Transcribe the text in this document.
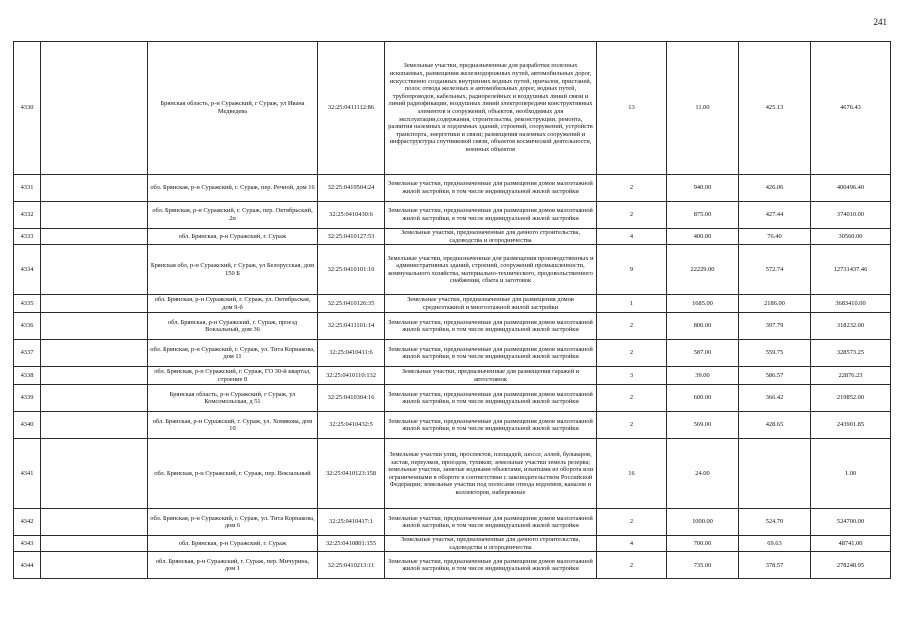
241
4330		Брянская область, р-н Суражский, г Сураж, ул Ивана Медведева	32:25:0411112:86	Земельные участки, предназначенные для разработки полезных ископаемых, размещения железнодорожных путей, автомобильных дорог, искусственно созданных внутренних водных путей, причалов, пристаней, полос отвода железных и автомобильных дорог, водных путей, трубопроводов, кабельных, радиорелейных и воздушных линий связи и линий радиофикации, воздушных линий электропередачи конструктивных элементов и сооружений, объектов, необходимых для эксплуатации,содержания, строительства, реконструкции, ремонта, развития наземных и подземных зданий, строений, сооружений, устройств транспорта, энергетики и связи; размещения наземных сооружений и инфраструктуры спутниковой связи, объектов космической деятельности, военных объектов	13	11.00	425.13	4676.43
4331		обл. Брянская, р-н Суражский, г. Сураж, пер. Речной, дом 16	32:25:0410504:24	Земельные участки, предназначенные для размещения домов малоэтажной жилой застройки, в том числе индивидуальной жилой застройки	2	940.00	426.06	400496.40
4332		обл. Брянская, р-н Суражский, г. Сураж, пер. Октябрьский, 2п	32:25:0410430:6	Земельные участки, предназначенные для размещения домов малоэтажной жилой застройки, в том числе индивидуальной жилой застройки	2	875.00	427.44	374010.00
4333		обл. Брянская, р-н Суражский, г. Сураж	32:25:0410127:53	Земельные участки, предназначенные для дачного строительства, садоводства и огородничества	4	400.00	76.40	30560.00
4334		Брянская обл, р-н Суражский, г Сураж, ул Белорусская, дом 150 Б	32:25:0410101:10	Земельные участки, предназначенные для размещения производственных и административных зданий, строений, сооружений промышленности, коммунального хозяйства, материально-технического, продовольственного снабжения, сбыта и заготовок	9	22229.00	572.74	12731437.46
4335		обл. Брянская, р-н Суражский, г. Сураж, ул. Октябрьская, дом 9-б	32:25:0410126:35	Земельные участки, предназначенные для размещения домов среднеэтажной и многоэтажной жилой застройки	1	1685.00	2186.00	3683410.00
4336		обл. Брянская, р-н Суражский, г. Сураж, проезд Вокзальный, дом 36	32:25:0411101:14	Земельные участки, предназначенные для размещения домов малоэтажной жилой застройки, в том числе индивидуальной жилой застройки	2	800.00	397.79	318232.00
4337		обл. Брянская, р-н Суражский, г. Сураж, ул. Тита Корнакова, дом 11	32:25:0410411:6	Земельные участки, предназначенные для размещения домов малоэтажной жилой застройки, в том числе индивидуальной жилой застройки	2	587.00	559.75	328573.25
4338		обл. Брянская, р-н Суражский, г. Сураж, ГО 30-й квартал, строение 8	32:25:0410110:132	Земельные участки, предназначенные для размещения гаражей и автостоянок	3	39.00	586.57	22876.23
4339		Брянская область, р-н Суражский, г Сураж, ул Комсомольская, д 51	32:25:0410304:16	Земельные участки, предназначенные для размещения домов малоэтажной жилой застройки, в том числе индивидуальной жилой застройки	2	600.00	366.42	219852.00
4340		обл. Брянская, р-н Суражский, г. Сураж, ул. Хомякова, дом 10	32:25:0410432:5	Земельные участки, предназначенные для размещения домов малоэтажной жилой застройки, в том числе индивидуальной жилой застройки	2	569.00	428.65	243901.85
4341		обл. Брянская, р-н Суражский, г. Сураж, пер. Вокзальный	32:25:0410123:158	Земельные участки улиц, проспектов, площадей, шоссе, аллей, бульваров, застав, переулков, проездов, тупиков; земельные участки земель резерва; земельные участки, занятые водными объектами, изъятыми из оборота или ограниченными в обороте в соответствии с законодательством Российской Федерации; земельные участки под полосами отвода водоемов, каналов и коллекторов, набережные	16	24.00		1.00
4342		обл. Брянская, р-н Суражский, г. Сураж, ул. Тита Корнакова, дом 6	32:25:0410417:1	Земельные участки, предназначенные для размещения домов малоэтажной жилой застройки, в том числе индивидуальной жилой застройки	2	1000.00	524.70	524700.00
4343		обл. Брянская, р-н Суражский, г. Сураж	32:25:0410801:155	Земельные участки, предназначенные для дачного строительства, садоводства и огородничества	4	700.00	69.63	48741.00
4344		обл. Брянская, р-н Суражский, г. Сураж, пер. Мичурина, дом 1	32:25:0410213:11	Земельные участки, предназначенные для размещения домов малоэтажной жилой застройки, в том числе индивидуальной жилой застройки	2	735.00	378.57	278248.95
